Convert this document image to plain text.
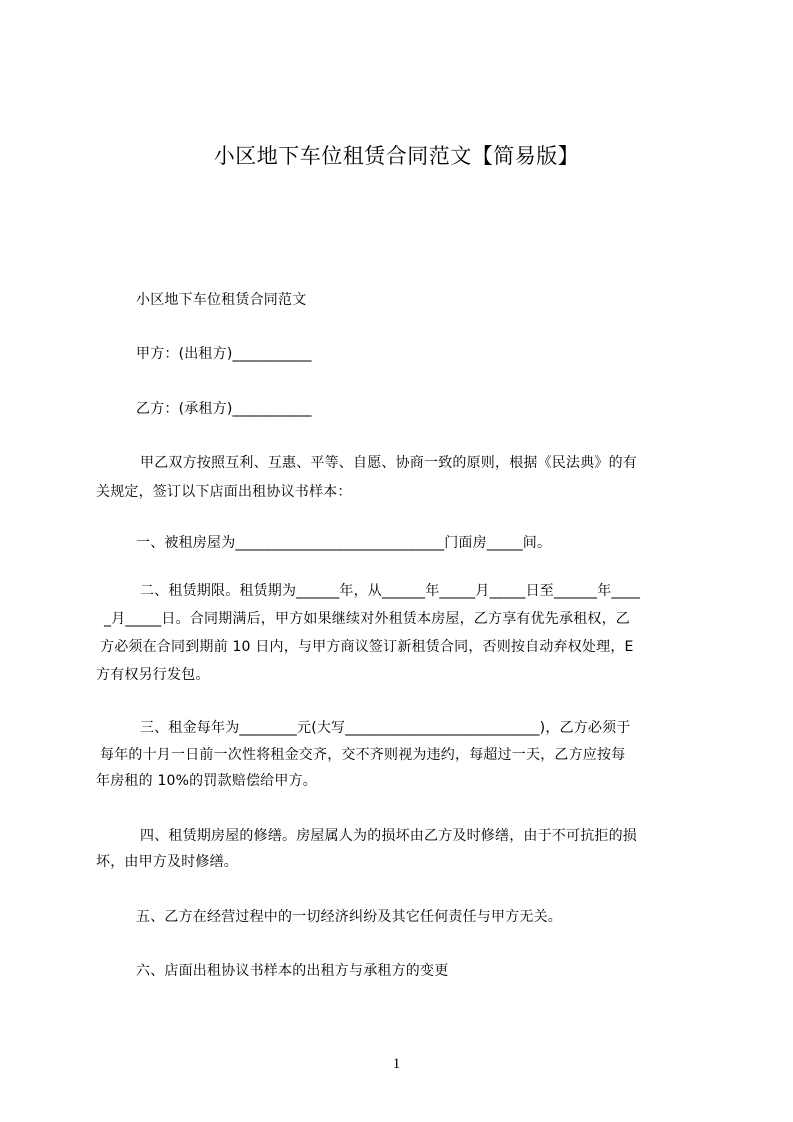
小区地下车位租赁合同范文【简易版】
小区地下车位租赁合同范文
甲方：(出租方)___________
乙方：(承租方)___________
甲乙双方按照互利、互惠、平等、自愿、协商一致的原则，根据《民法典》的有
关规定，签订以下店面出租协议书样本：
一、被租房屋为_____________________________门面房_____间。
二、租赁期限。租赁期为______年，从______年_____月_____日至______年____
_月_____日。合同期满后，甲方如果继续对外租赁本房屋，乙方享有优先承租权，乙
方必须在合同到期前 10 日内，与甲方商议签订新租赁合同，否则按自动弃权处理，E
方有权另行发包。
三、租金每年为________元(大写___________________________)，乙方必须于
每年的十月一日前一次性将租金交齐，交不齐则视为违约，每超过一天，乙方应按每
年房租的 10%的罚款赔偿给甲方。
四、租赁期房屋的修缮。房屋属人为的损坏由乙方及时修缮，由于不可抗拒的损
坏，由甲方及时修缮。
五、乙方在经营过程中的一切经济纠纷及其它任何责任与甲方无关。
六、店面出租协议书样本的出租方与承租方的变更
1
